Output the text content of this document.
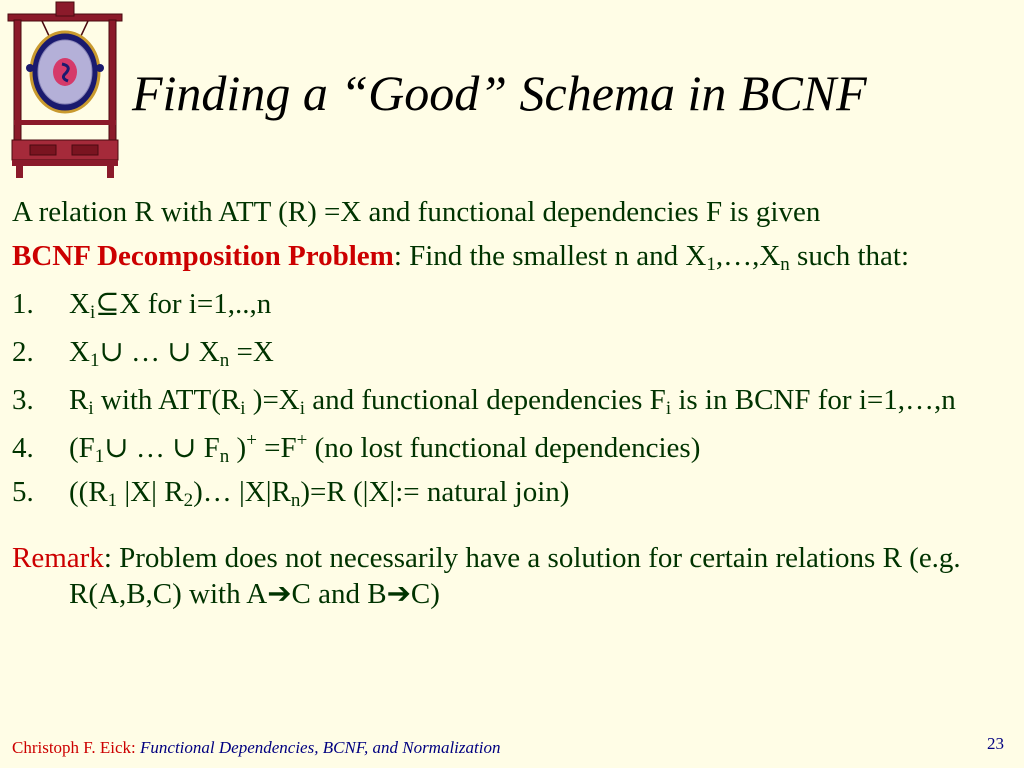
Finding a “Good” Schema in BCNF

A relation R with ATT (R) =X and functional dependencies F is given

BCNF Decomposition Problem: Find the smallest n and $X_1,\dots,X_n$ such that:

1. $X_i⊆X$ for i=1,..,n

2. $X_1\cup$ … ∪ $X_n =X$

3. $R_i$ with $ATT(R_i$ )$=X_i$ and functional dependencies $F_i$ is in BCNF for i=1,…,n

4. ($F_1\cup$ … ∪ $F_n$ )+ =F+ (no lost functional dependencies)

5. (($R_1$ |X| $R_2)\dots$ $|X|R_n)=R$ (|X|:= natural join)

Remark: Problem does not necessarily have a solution for certain relations R (e.g. R(A,B,C) with A➔C and B➔C)

Christoph F. Eick: Functional Dependencies, BCNF, and Normalization	23
